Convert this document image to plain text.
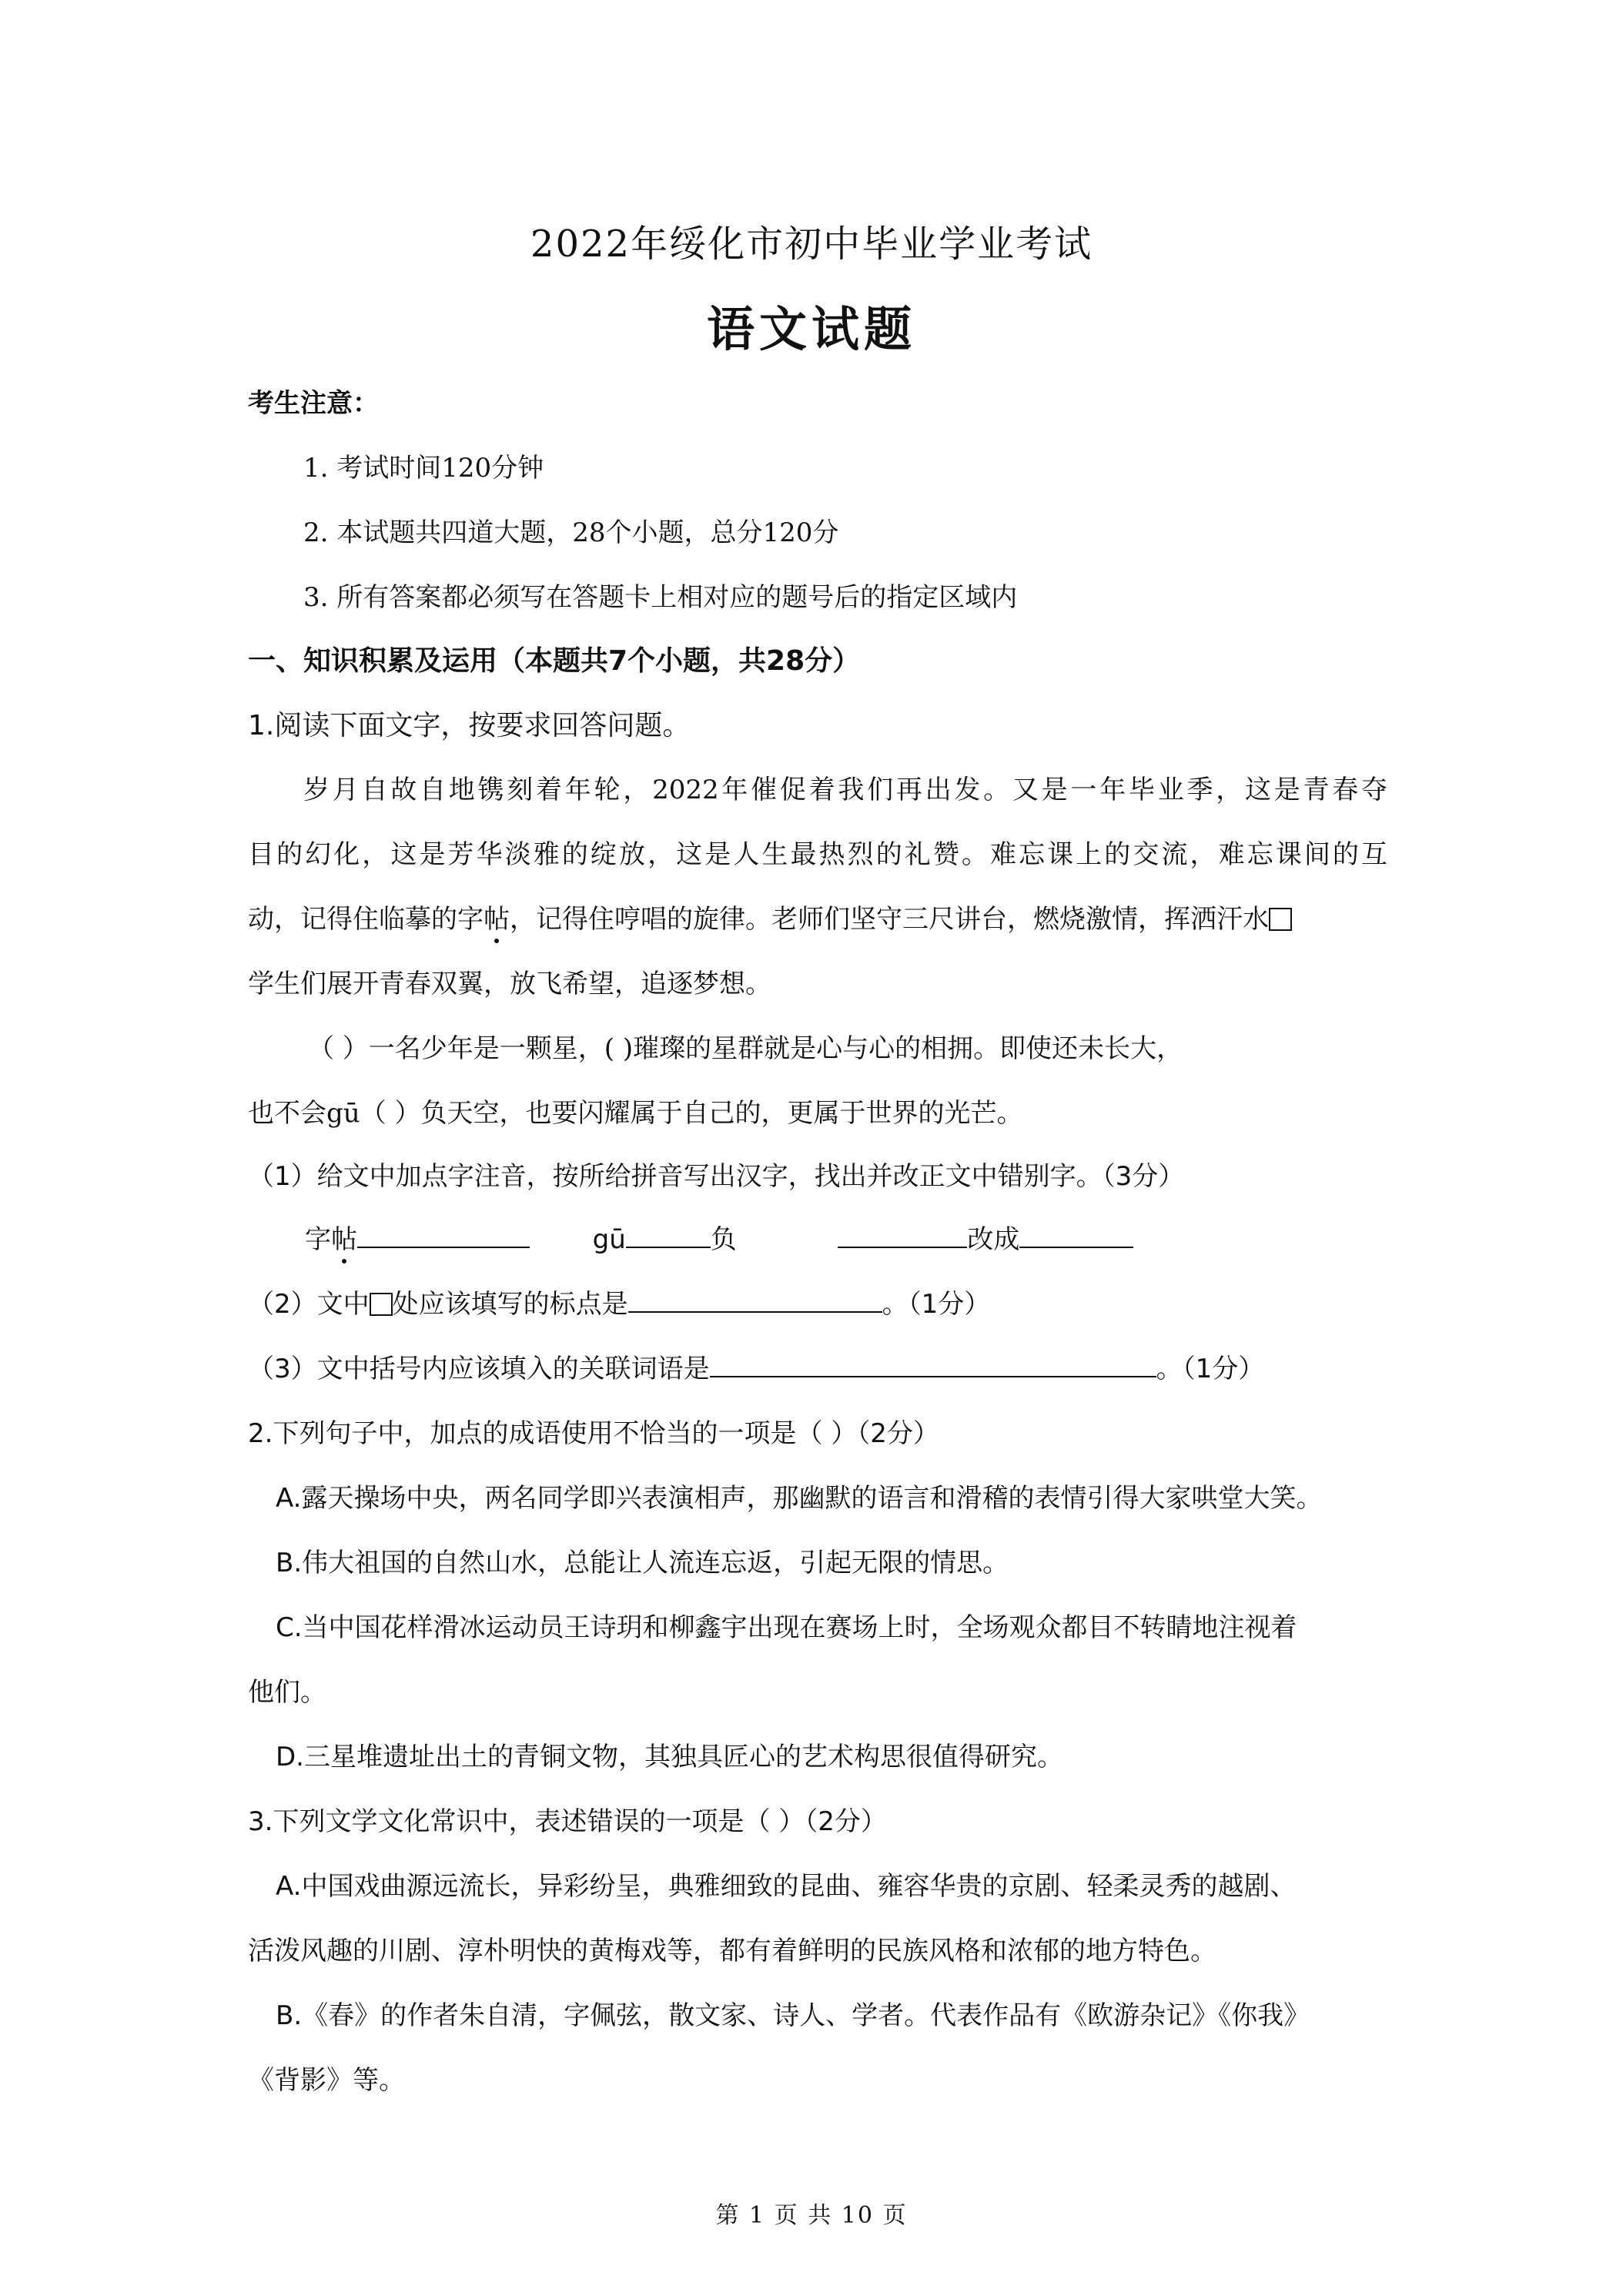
2022年绥化市初中毕业学业考试
语文试题
考生注意：
1. 考试时间120分钟
2. 本试题共四道大题，28个小题，总分120分
3. 所有答案都必须写在答题卡上相对应的题号后的指定区域内
一、知识积累及运用（本题共7个小题，共28分）
1.阅读下面文字，按要求回答问题。
岁月自故自地镌刻着年轮，2022年催促着我们再出发。又是一年毕业季，这是青春夺
目的幻化，这是芳华淡雅的绽放，这是人生最热烈的礼赞。难忘课上的交流，难忘课间的互
动，记得住临摹的字帖，记得住哼唱的旋律。老师们坚守三尺讲台，燃烧激情，挥洒汗水
学生们展开青春双翼，放飞希望，追逐梦想。
（ ）一名少年是一颗星，( )璀璨的星群就是心与心的相拥。即使还未长大，
也不会gū（ ）负天空，也要闪耀属于自己的，更属于世界的光芒。
（1）给文中加点字注音，按所给拼音写出汉字，找出并改正文中错别字。（3分）
字帖	gū	负	改成
（2）文中 处应该填写的标点是	。（1分）
（3）文中括号内应该填入的关联词语是	。（1分）
2.下列句子中，加点的成语使用不恰当的一项是（ ）（2分）
A.露天操场中央，两名同学即兴表演相声，那幽默的语言和滑稽的表情引得大家哄堂大笑。
B.伟大祖国的自然山水，总能让人流连忘返，引起无限的情思。
C.当中国花样滑冰运动员王诗玥和柳鑫宇出现在赛场上时，全场观众都目不转睛地注视着
他们。
D.三星堆遗址出土的青铜文物，其独具匠心的艺术构思很值得研究。
3.下列文学文化常识中，表述错误的一项是（ ）（2分）
A.中国戏曲源远流长，异彩纷呈，典雅细致的昆曲、雍容华贵的京剧、轻柔灵秀的越剧、
活泼风趣的川剧、淳朴明快的黄梅戏等，都有着鲜明的民族风格和浓郁的地方特色。
B.《春》的作者朱自清，字佩弦，散文家、诗人、学者。代表作品有《欧游杂记》《你我》
《背影》等。
第 1 页 共 10 页
